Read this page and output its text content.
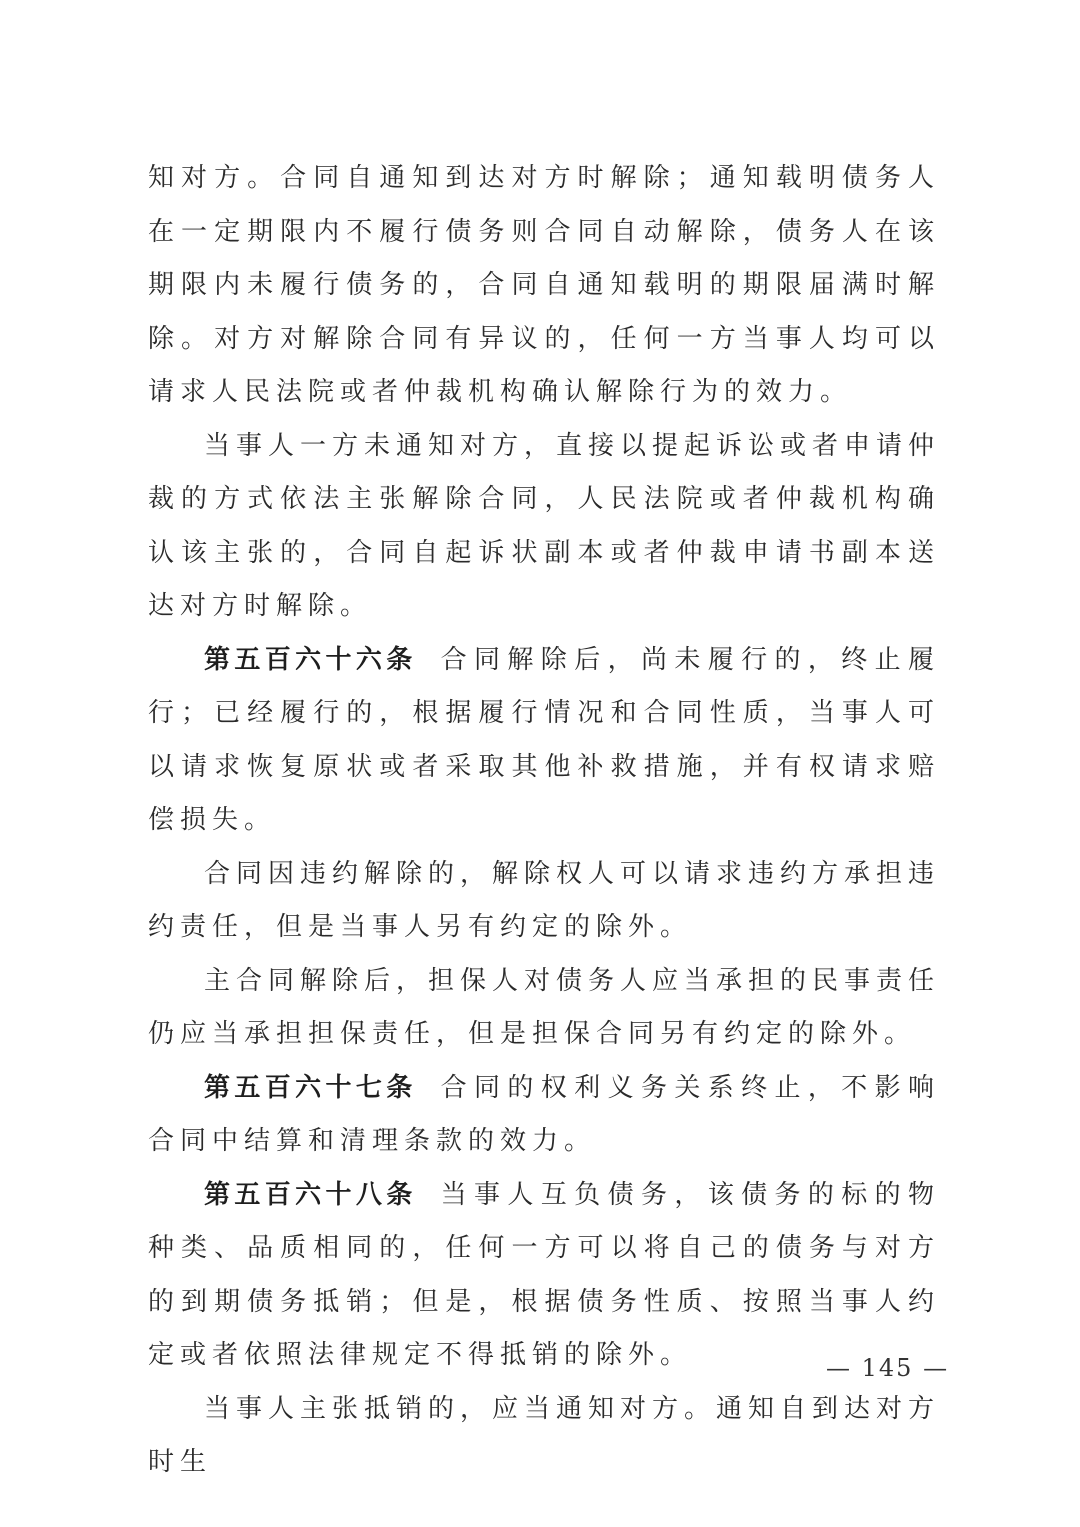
知对方。合同自通知到达对方时解除；通知载明债务人在一定期限内不履行债务则合同自动解除，债务人在该期限内未履行债务的，合同自通知载明的期限届满时解除。对方对解除合同有异议的，任何一方当事人均可以请求人民法院或者仲裁机构确认解除行为的效力。

当事人一方未通知对方，直接以提起诉讼或者申请仲裁的方式依法主张解除合同，人民法院或者仲裁机构确认该主张的，合同自起诉状副本或者仲裁申请书副本送达对方时解除。

第五百六十六条 合同解除后，尚未履行的，终止履行；已经履行的，根据履行情况和合同性质，当事人可以请求恢复原状或者采取其他补救措施，并有权请求赔偿损失。

合同因违约解除的，解除权人可以请求违约方承担违约责任，但是当事人另有约定的除外。

主合同解除后，担保人对债务人应当承担的民事责任仍应当承担担保责任，但是担保合同另有约定的除外。

第五百六十七条 合同的权利义务关系终止，不影响合同中结算和清理条款的效力。

第五百六十八条 当事人互负债务，该债务的标的物种类、品质相同的，任何一方可以将自己的债务与对方的到期债务抵销；但是，根据债务性质、按照当事人约定或者依照法律规定不得抵销的除外。

当事人主张抵销的，应当通知对方。通知自到达对方时生

— 145 —
